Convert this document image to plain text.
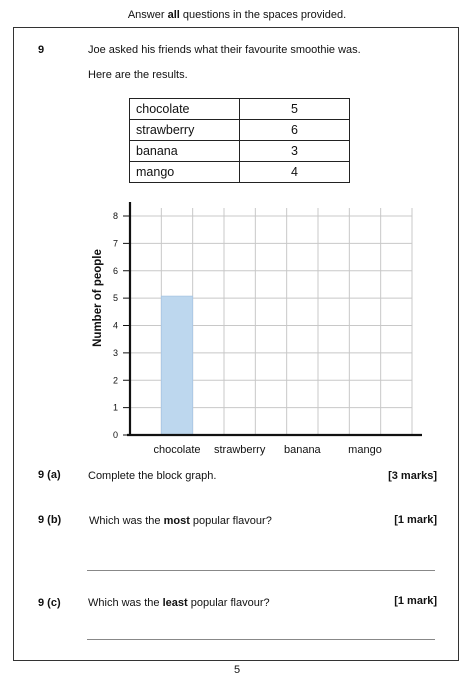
Answer all questions in the spaces provided.
9	Joe asked his friends what their favourite smoothie was.
Here are the results.
chocolate	5
strawberry	6
banana	3
mango	4
chocolate strawberry banana mango
0
1
2
3
4
5
6
7
8
Number of people
9 (a) Complete the block graph.	[3 marks]
9 (b)	Which was the most popular flavour?	[1 mark]
9 (c) Which was the least popular flavour?	[1 mark]
5
